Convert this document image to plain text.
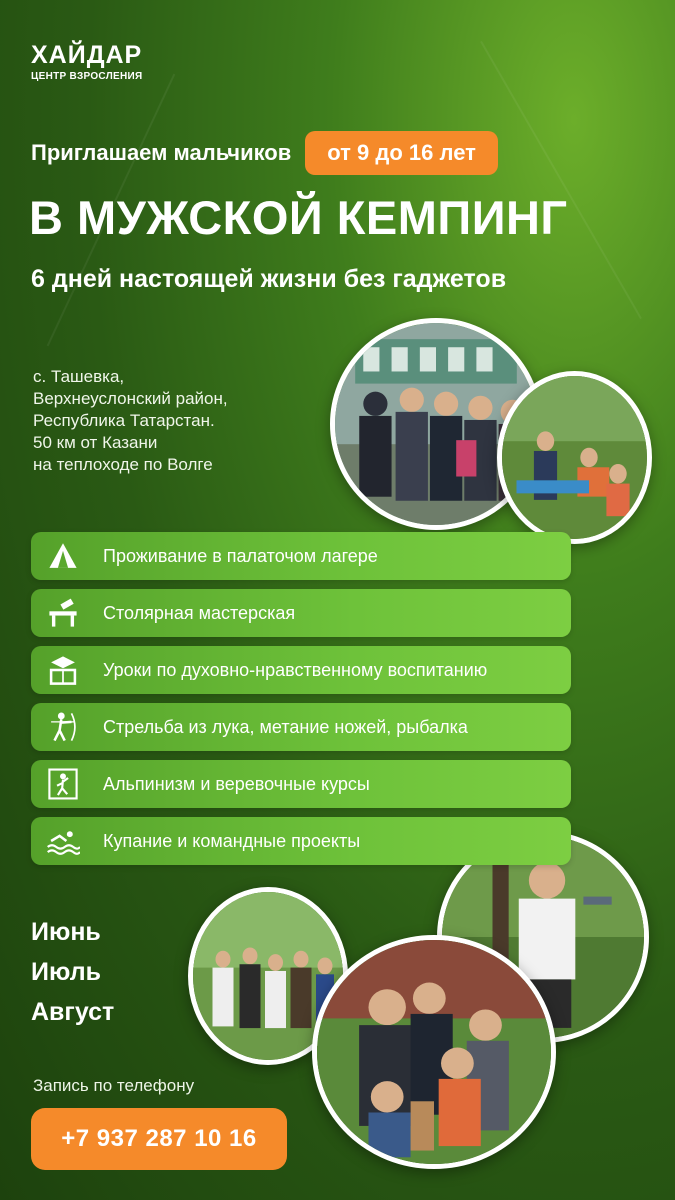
ХАЙДАР
ЦЕНТР ВЗРОСЛЕНИЯ
Приглашаем мальчиков	от 9 до 16 лет
В МУЖСКОЙ КЕМПИНГ
6 дней настоящей жизни без гаджетов
с. Ташевка,
Верхнеуслонский район,
Республика Татарстан.
50 км от Казани
на теплоходе по Волге
Проживание в палаточом лагере
Столярная мастерская
Уроки по духовно-нравственному воспитанию
Стрельба из лука, метание ножей, рыбалка
Альпинизм и веревочные курсы
Купание и командные проекты
Июнь
Июль
Август
Запись по телефону
+7 937 287 10 16
